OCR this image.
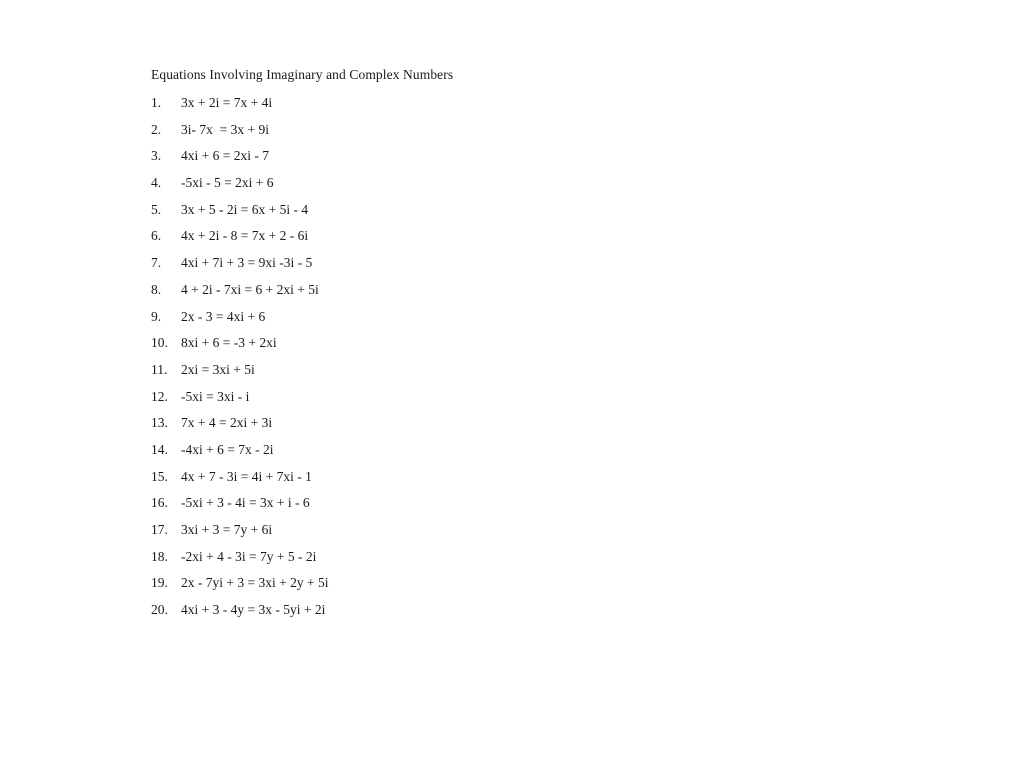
Equations Involving Imaginary and Complex Numbers
1.	3x + 2i = 7x + 4i
2.	3i- 7x  = 3x + 9i
3.	4xi + 6 = 2xi - 7
4.	-5xi - 5 = 2xi + 6
5.	3x + 5 - 2i = 6x + 5i - 4
6.	4x + 2i - 8 = 7x + 2 - 6i
7.	4xi + 7i + 3 = 9xi -3i - 5
8.	4 + 2i - 7xi = 6 + 2xi + 5i
9.	2x - 3 = 4xi + 6
10. 8xi + 6 = -3 + 2xi
11.	2xi = 3xi + 5i
12. -5xi = 3xi - i
13. 7x + 4 = 2xi + 3i
14. -4xi + 6 = 7x - 2i
15. 4x + 7 - 3i = 4i + 7xi - 1
16. -5xi + 3 - 4i = 3x + i - 6
17. 3xi + 3 = 7y + 6i
18. -2xi + 4 - 3i = 7y + 5 - 2i
19. 2x - 7yi + 3 = 3xi + 2y + 5i
20. 4xi + 3 - 4y = 3x - 5yi + 2i
